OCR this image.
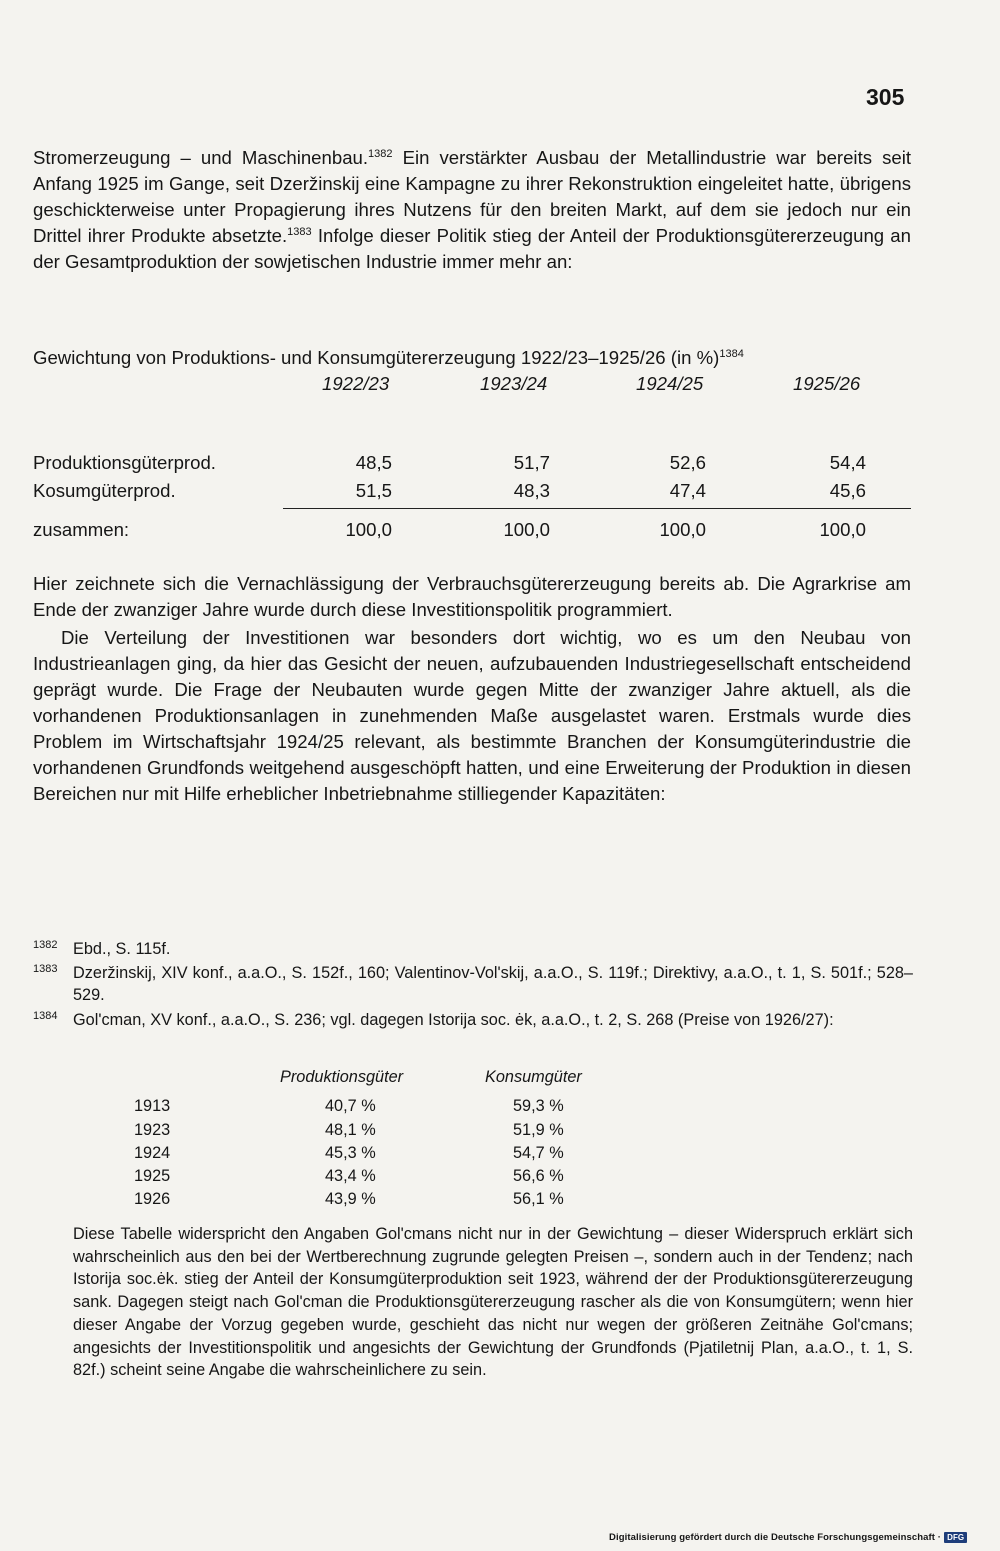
305
Stromerzeugung – und Maschinenbau.$^{1382}$ Ein verstärkter Ausbau der Metallindustrie war bereits seit Anfang 1925 im Gange, seit Dzeržinskij eine Kampagne zu ihrer Rekonstruktion eingeleitet hatte, übrigens geschickterweise unter Propagierung ihres Nutzens für den breiten Markt, auf dem sie jedoch nur ein Drittel ihrer Produkte absetzte.$^{1383}$ Infolge dieser Politik stieg der Anteil der Produktionsgütererzeugung an der Gesamtproduktion der sowjetischen Industrie immer mehr an:
Gewichtung von Produktions- und Konsumgütererzeugung 1922/23–1925/26 (in %)$^{1384}$
1922/23	1923/24	1924/25	1925/26
Produktionsgüterprod.	48,5	51,7	52,6	54,4
Kosumgüterprod.	51,5	48,3	47,4	45,6
zusammen:	100,0	100,0	100,0	100,0
Hier zeichnete sich die Vernachlässigung der Verbrauchsgütererzeugung bereits ab. Die Agrarkrise am Ende der zwanziger Jahre wurde durch diese Investitionspolitik programmiert.
Die Verteilung der Investitionen war besonders dort wichtig, wo es um den Neubau von Industrieanlagen ging, da hier das Gesicht der neuen, aufzubauenden Industriegesellschaft entscheidend geprägt wurde. Die Frage der Neubauten wurde gegen Mitte der zwanziger Jahre aktuell, als die vorhandenen Produktionsanlagen in zunehmenden Maße ausgelastet waren. Erstmals wurde dies Problem im Wirtschaftsjahr 1924/25 relevant, als bestimmte Branchen der Konsumgüterindustrie die vorhandenen Grundfonds weitgehend ausgeschöpft hatten, und eine Erweiterung der Produktion in diesen Bereichen nur mit Hilfe erheblicher Inbetriebnahme stilliegender Kapazitäten:
1382 Ebd., S. 115f.
1383 Dzeržinskij, XIV konf., a.a.O., S. 152f., 160; Valentinov-Vol'skij, a.a.O., S. 119f.; Direktivy, a.a.O., t. 1, S. 501f.; 528–529.
1384 Gol'cman, XV konf., a.a.O., S. 236; vgl. dagegen Istorija soc. ėk, a.a.O., t. 2, S. 268 (Preise von 1926/27):
Produktionsgüter	Konsumgüter
1913	40,7 %	59,3 %
1923	48,1 %	51,9 %
1924	45,3 %	54,7 %
1925	43,4 %	56,6 %
1926	43,9 %	56,1 %
Diese Tabelle widerspricht den Angaben Gol'cmans nicht nur in der Gewichtung – dieser Widerspruch erklärt sich wahrscheinlich aus den bei der Wertberechnung zugrunde gelegten Preisen –, sondern auch in der Tendenz; nach Istorija soc.ėk. stieg der Anteil der Konsumgüterproduktion seit 1923, während der der Produktionsgütererzeugung sank. Dagegen steigt nach Gol'cman die Produktionsgütererzeugung rascher als die von Konsumgütern; wenn hier dieser Angabe der Vorzug gegeben wurde, geschieht das nicht nur wegen der größeren Zeitnähe Gol'cmans; angesichts der Investitionspolitik und angesichts der Gewichtung der Grundfonds (Pjatiletnij Plan, a.a.O., t. 1, S. 82f.) scheint seine Angabe die wahrscheinlichere zu sein.
Digitalisierung gefördert durch die Deutsche Forschungsgemeinschaft · DFG
